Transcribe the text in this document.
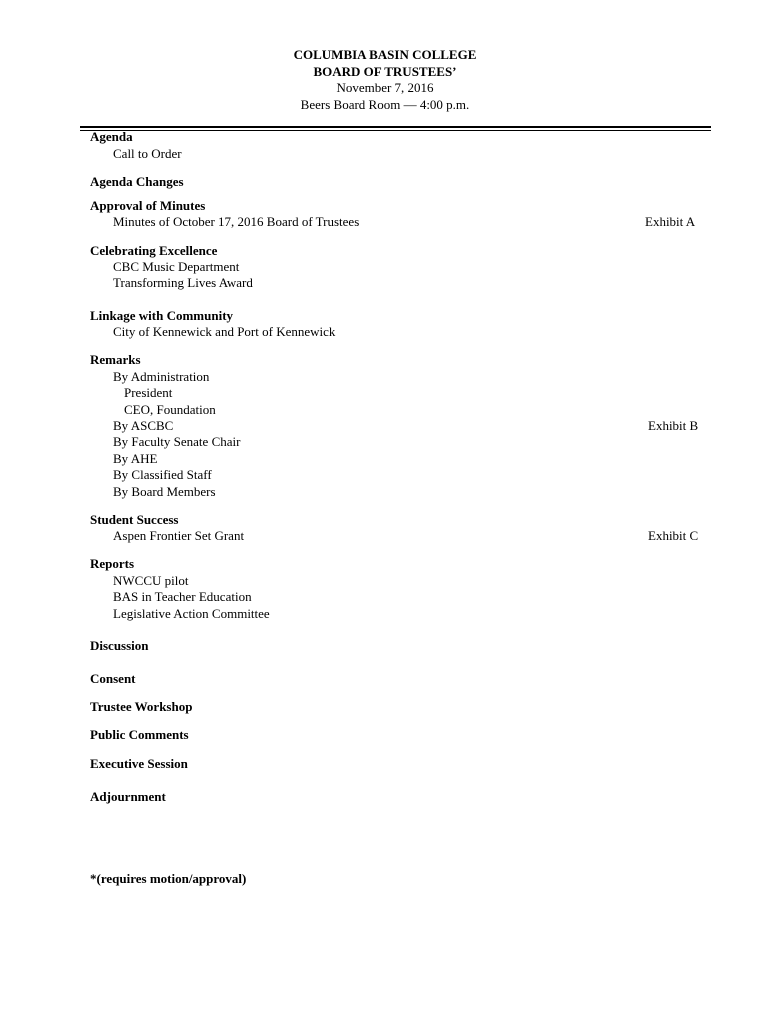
COLUMBIA BASIN COLLEGE
BOARD OF TRUSTEES’
November 7, 2016
Beers Board Room — 4:00 p.m.
Agenda
Call to Order
Agenda Changes
Approval of Minutes
Minutes of October 17, 2016 Board of Trustees	Exhibit A
Celebrating Excellence
CBC Music Department
Transforming Lives Award
Linkage with Community
City of Kennewick and Port of Kennewick
Remarks
By Administration
President
CEO, Foundation
By ASCBC	Exhibit B
By Faculty Senate Chair
By AHE
By Classified Staff
By Board Members
Student Success
Aspen Frontier Set Grant	Exhibit C
Reports
NWCCU pilot
BAS in Teacher Education
Legislative Action Committee
Discussion
Consent
Trustee Workshop
Public Comments
Executive Session
Adjournment
*(requires motion/approval)
